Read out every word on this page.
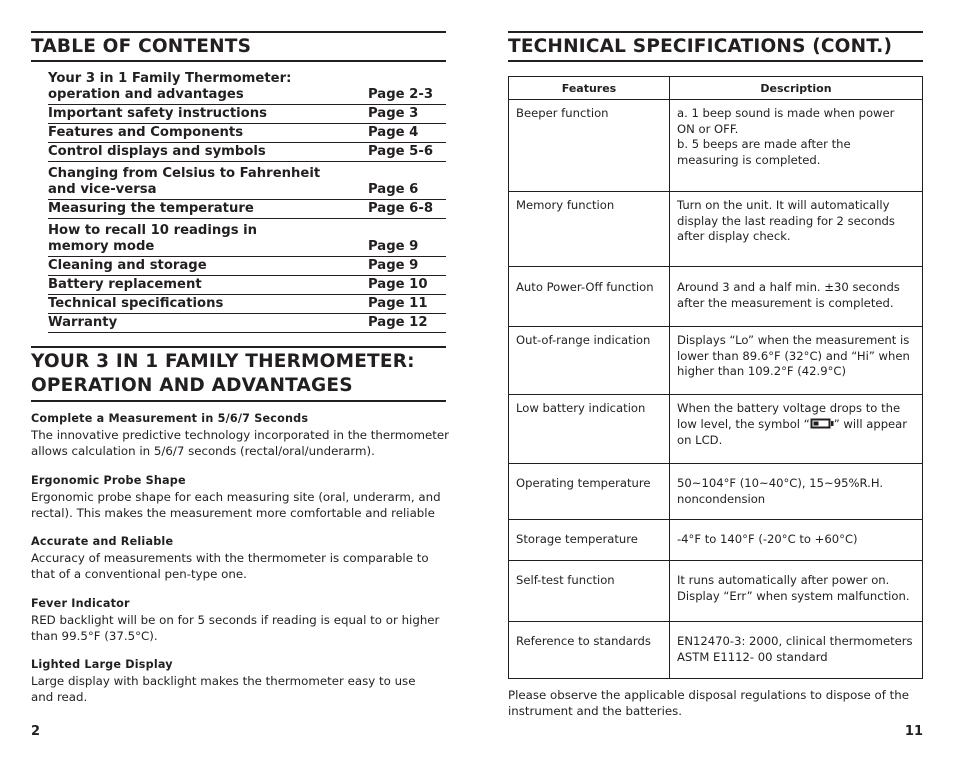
TABLE OF CONTENTS
Your 3 in 1 Family Thermometer:
operation and advantages	Page 2-3
Important safety instructions	Page 3
Features and Components	Page 4
Control displays and symbols	Page 5-6
Changing from Celsius to Fahrenheit
and vice-versa	Page 6
Measuring the temperature	Page 6-8
How to recall 10 readings in
memory mode	Page 9
Cleaning and storage	Page 9
Battery replacement	Page 10
Technical specifications	Page 11
Warranty	Page 12
YOUR 3 IN 1 FAMILY THERMOMETER:
OPERATION AND ADVANTAGES

Complete a Measurement in 5/6/7 Seconds

The innovative predictive technology incorporated in the thermometer
allows calculation in 5/6/7 seconds (rectal/oral/underarm).

Ergonomic Probe Shape

Ergonomic probe shape for each measuring site (oral, underarm, and
rectal). This makes the measurement more comfortable and reliable

Accurate and Reliable

Accuracy of measurements with the thermometer is comparable to
that of a conventional pen-type one.

Fever Indicator

RED backlight will be on for 5 seconds if reading is equal to or higher
than 99.5°F (37.5°C).

Lighted Large Display

Large display with backlight makes the thermometer easy to use
and read.

2
TECHNICAL SPECIFICATIONS (CONT.)
Features	Description
Beeper function	a. 1 beep sound is made when power
ON or OFF.
b. 5 beeps are made after the
measuring is completed.

Memory function	Turn on the unit. It will automatically
display the last reading for 2 seconds
after display check.
Auto Power-Off function	Around 3 and a half min. ±30 seconds
after the measurement is completed.
Out-of-range indication	Displays “Lo” when the measurement is
lower than 89.6°F (32°C) and “Hi” when
higher than 109.2°F (42.9°C)
Low battery indication	When the battery voltage drops to the
low level, the symbol “ ” will appear
on LCD.
Operating temperature	50~104°F (10~40°C), 15~95%R.H.
noncondension
Storage temperature	-4°F to 140°F (-20°C to +60°C)
Self-test function	It runs automatically after power on.
Display “Err” when system malfunction.
Reference to standards	EN12470-3: 2000, clinical thermometers
ASTM E1112- 00 standard
Please observe the applicable disposal regulations to dispose of the
instrument and the batteries.
11
